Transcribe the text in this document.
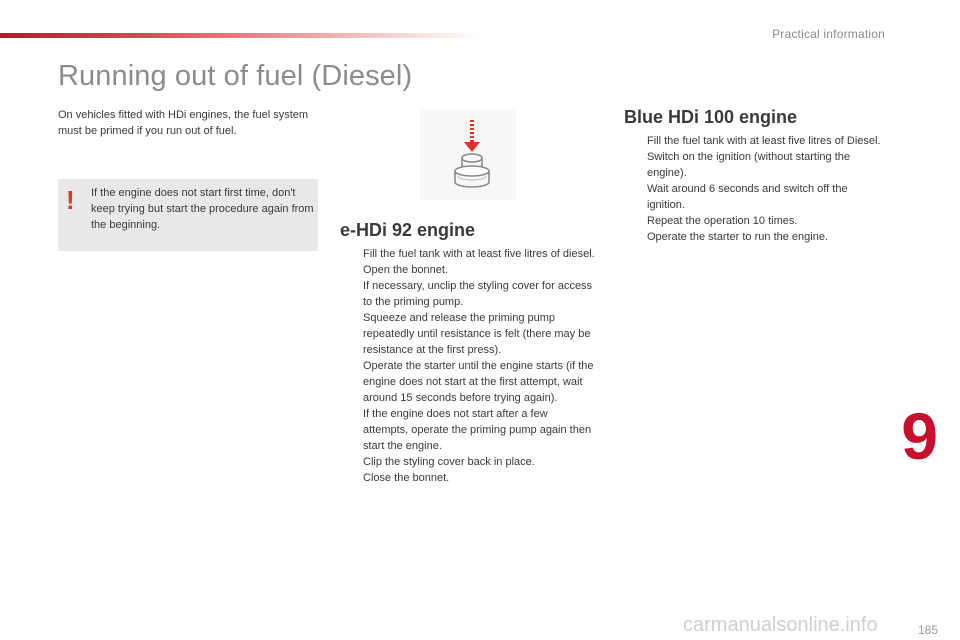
Practical information
Running out of fuel (Diesel)
On vehicles fitted with HDi engines, the fuel system must be primed if you run out of fuel.
! If the engine does not start first time, don't keep trying but start the procedure again from the beginning.	e-HDi 92 engine
Fill the fuel tank with at least five litres of diesel.
Open the bonnet.
If necessary, unclip the styling cover for access to the priming pump.
Squeeze and release the priming pump repeatedly until resistance is felt (there may be resistance at the first press).
Operate the starter until the engine starts (if the engine does not start at the first attempt, wait around 15 seconds before trying again).
If the engine does not start after a few attempts, operate the priming pump again then start the engine.
Clip the styling cover back in place.
Close the bonnet.
Blue HDi 100 engine
Fill the fuel tank with at least five litres of Diesel.
Switch on the ignition (without starting the engine).
Wait around 6 seconds and switch off the ignition.
Repeat the operation 10 times.
Operate the starter to run the engine.
9
185
carmanualsonline.info
